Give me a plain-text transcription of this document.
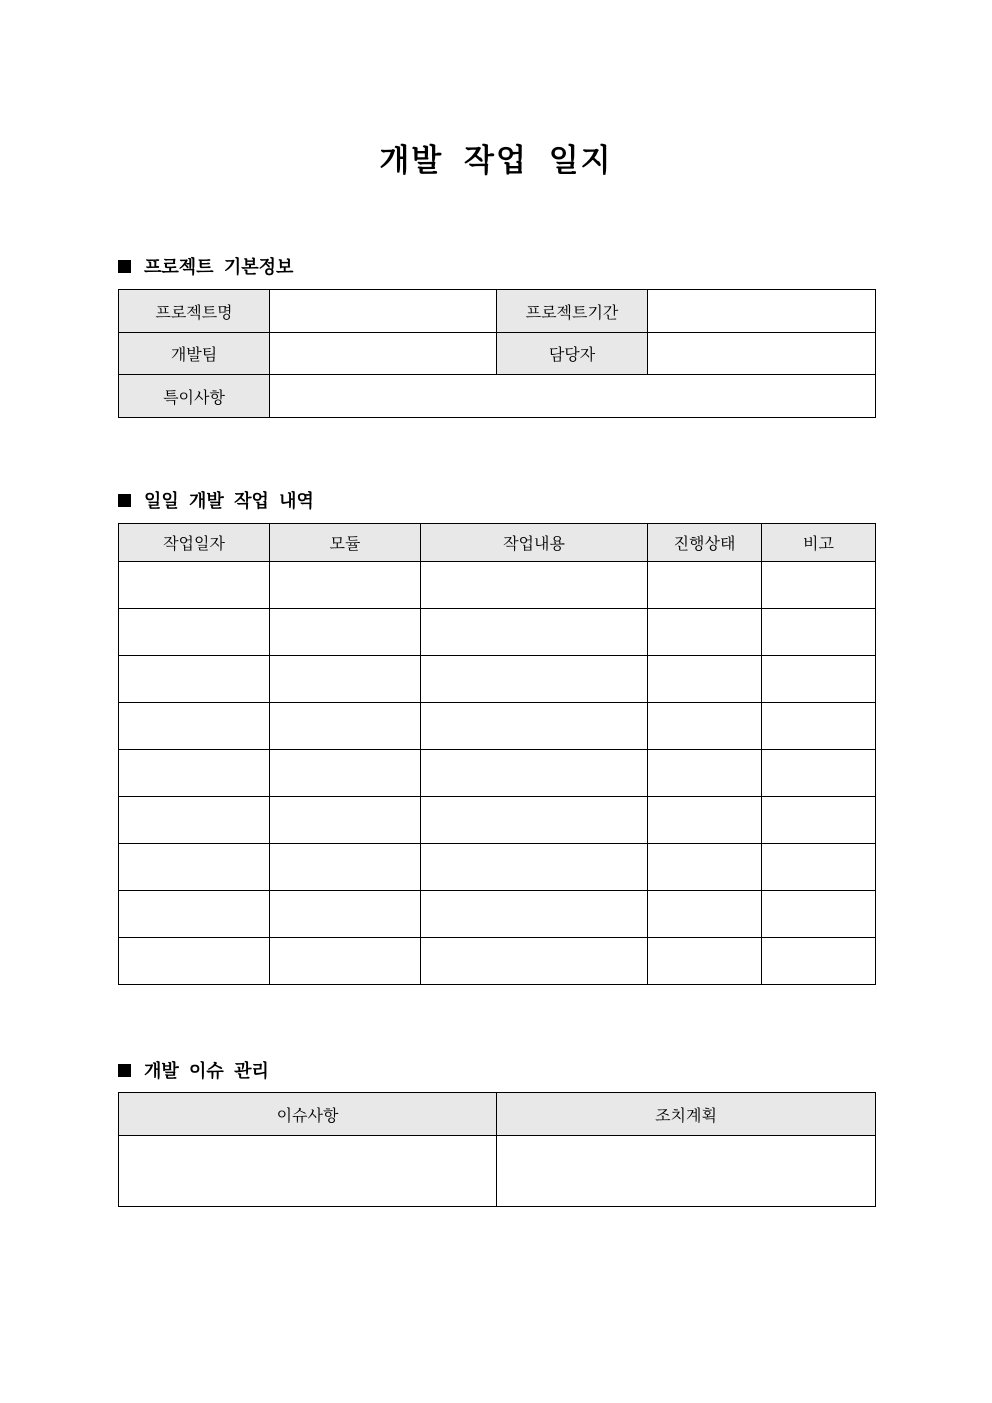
개발 작업 일지
프로젝트 기본정보
프로젝트명		프로젝트기간	
개발팀		담당자	
특이사항			
일일 개발 작업 내역
작업일자	모듈	작업내용	진행상태	비고

개발 이슈 관리
이슈사항	조치계획
